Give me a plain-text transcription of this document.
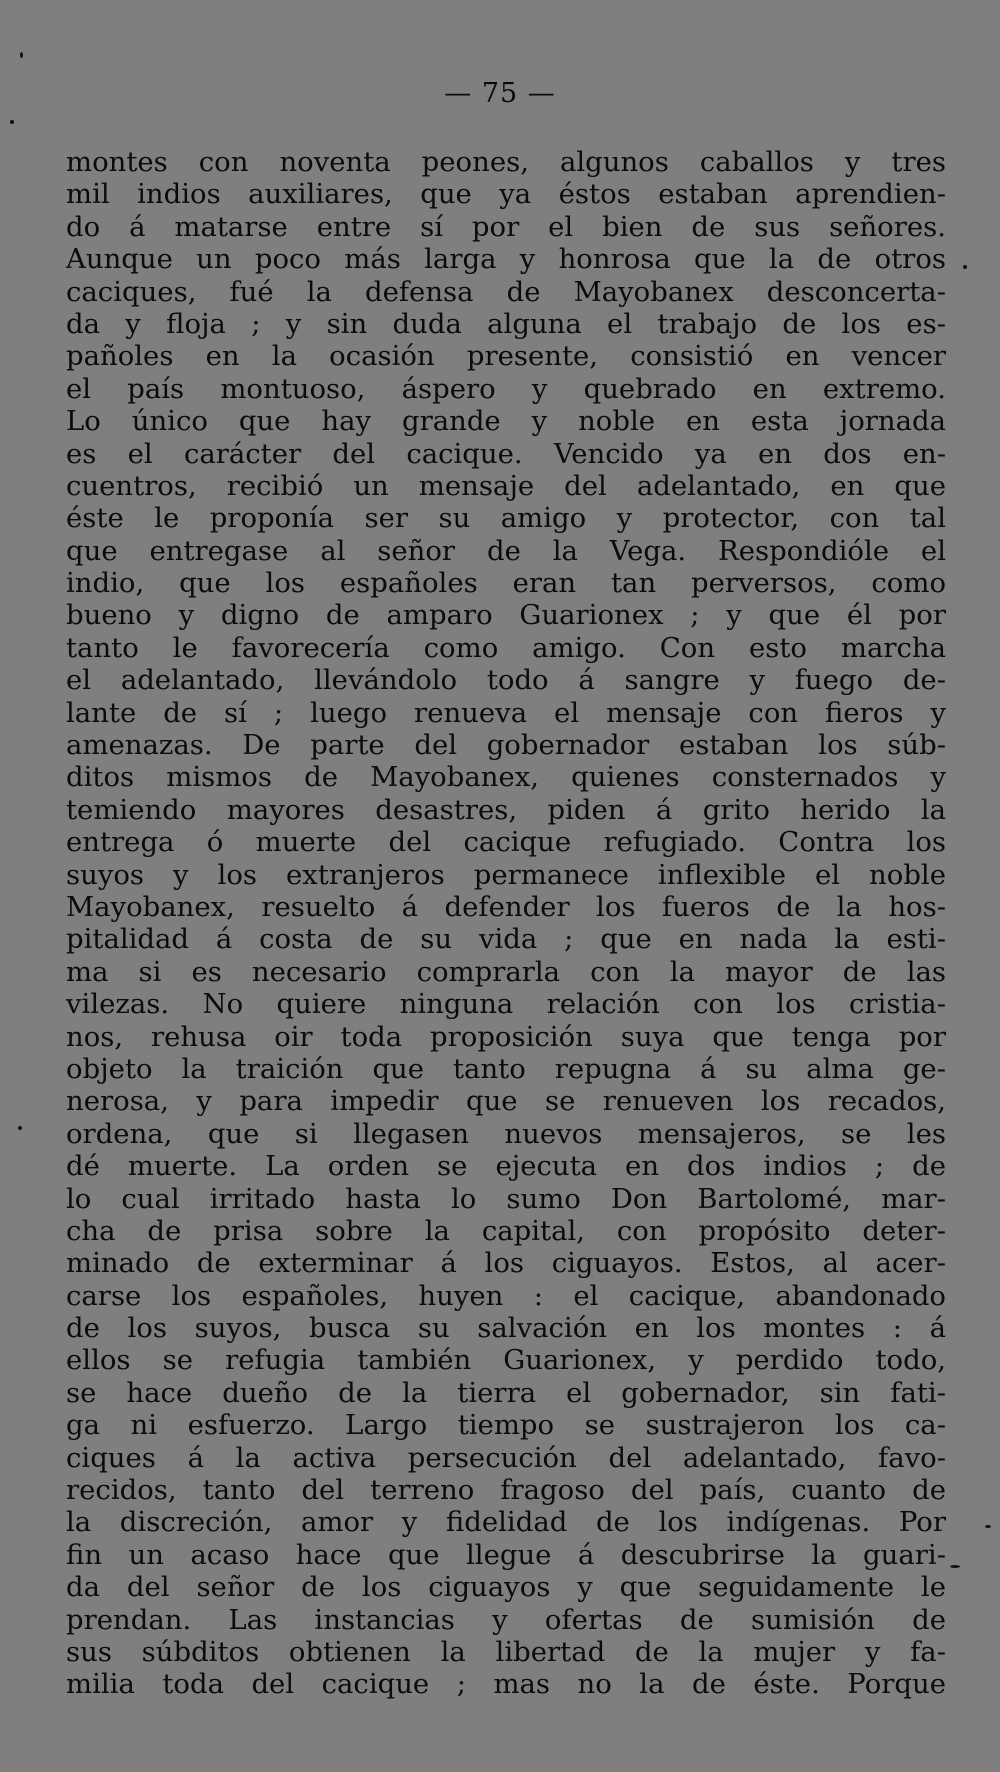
— 75 —
montes con noventa peones, algunos caballos y tres
mil indios auxiliares, que ya éstos estaban aprendien-
do á matarse entre sí por el bien de sus señores.
Aunque un poco más larga y honrosa que la de otros
caciques, fué la defensa de Mayobanex desconcerta-
da y floja ; y sin duda alguna el trabajo de los es-
pañoles en la ocasión presente, consistió en vencer
el país montuoso, áspero y quebrado en extremo.
Lo único que hay grande y noble en esta jornada
es el carácter del cacique. Vencido ya en dos en-
cuentros, recibió un mensaje del adelantado, en que
éste le proponía ser su amigo y protector, con tal
que entregase al señor de la Vega. Respondióle el
indio, que los españoles eran tan perversos, como
bueno y digno de amparo Guarionex ; y que él por
tanto le favorecería como amigo. Con esto marcha
el adelantado, llevándolo todo á sangre y fuego de-
lante de sí ; luego renueva el mensaje con fieros y
amenazas. De parte del gobernador estaban los súb-
ditos mismos de Mayobanex, quienes consternados y
temiendo mayores desastres, piden á grito herido la
entrega ó muerte del cacique refugiado. Contra los
suyos y los extranjeros permanece inflexible el noble
Mayobanex, resuelto á defender los fueros de la hos-
pitalidad á costa de su vida ; que en nada la esti-
ma si es necesario comprarla con la mayor de las
vilezas. No quiere ninguna relación con los cristia-
nos, rehusa oir toda proposición suya que tenga por
objeto la traición que tanto repugna á su alma ge-
nerosa, y para impedir que se renueven los recados,
ordena, que si llegasen nuevos mensajeros, se les
dé muerte. La orden se ejecuta en dos indios ; de
lo cual irritado hasta lo sumo Don Bartolomé, mar-
cha de prisa sobre la capital, con propósito deter-
minado de exterminar á los ciguayos. Estos, al acer-
carse los españoles, huyen : el cacique, abandonado
de los suyos, busca su salvación en los montes : á
ellos se refugia también Guarionex, y perdido todo,
se hace dueño de la tierra el gobernador, sin fati-
ga ni esfuerzo. Largo tiempo se sustrajeron los ca-
ciques á la activa persecución del adelantado, favo-
recidos, tanto del terreno fragoso del país, cuanto de
la discreción, amor y fidelidad de los indígenas. Por
fin un acaso hace que llegue á descubrirse la guari-
da del señor de los ciguayos y que seguidamente le
prendan. Las instancias y ofertas de sumisión de
sus súbditos obtienen la libertad de la mujer y fa-
milia toda del cacique ; mas no la de éste. Porque
